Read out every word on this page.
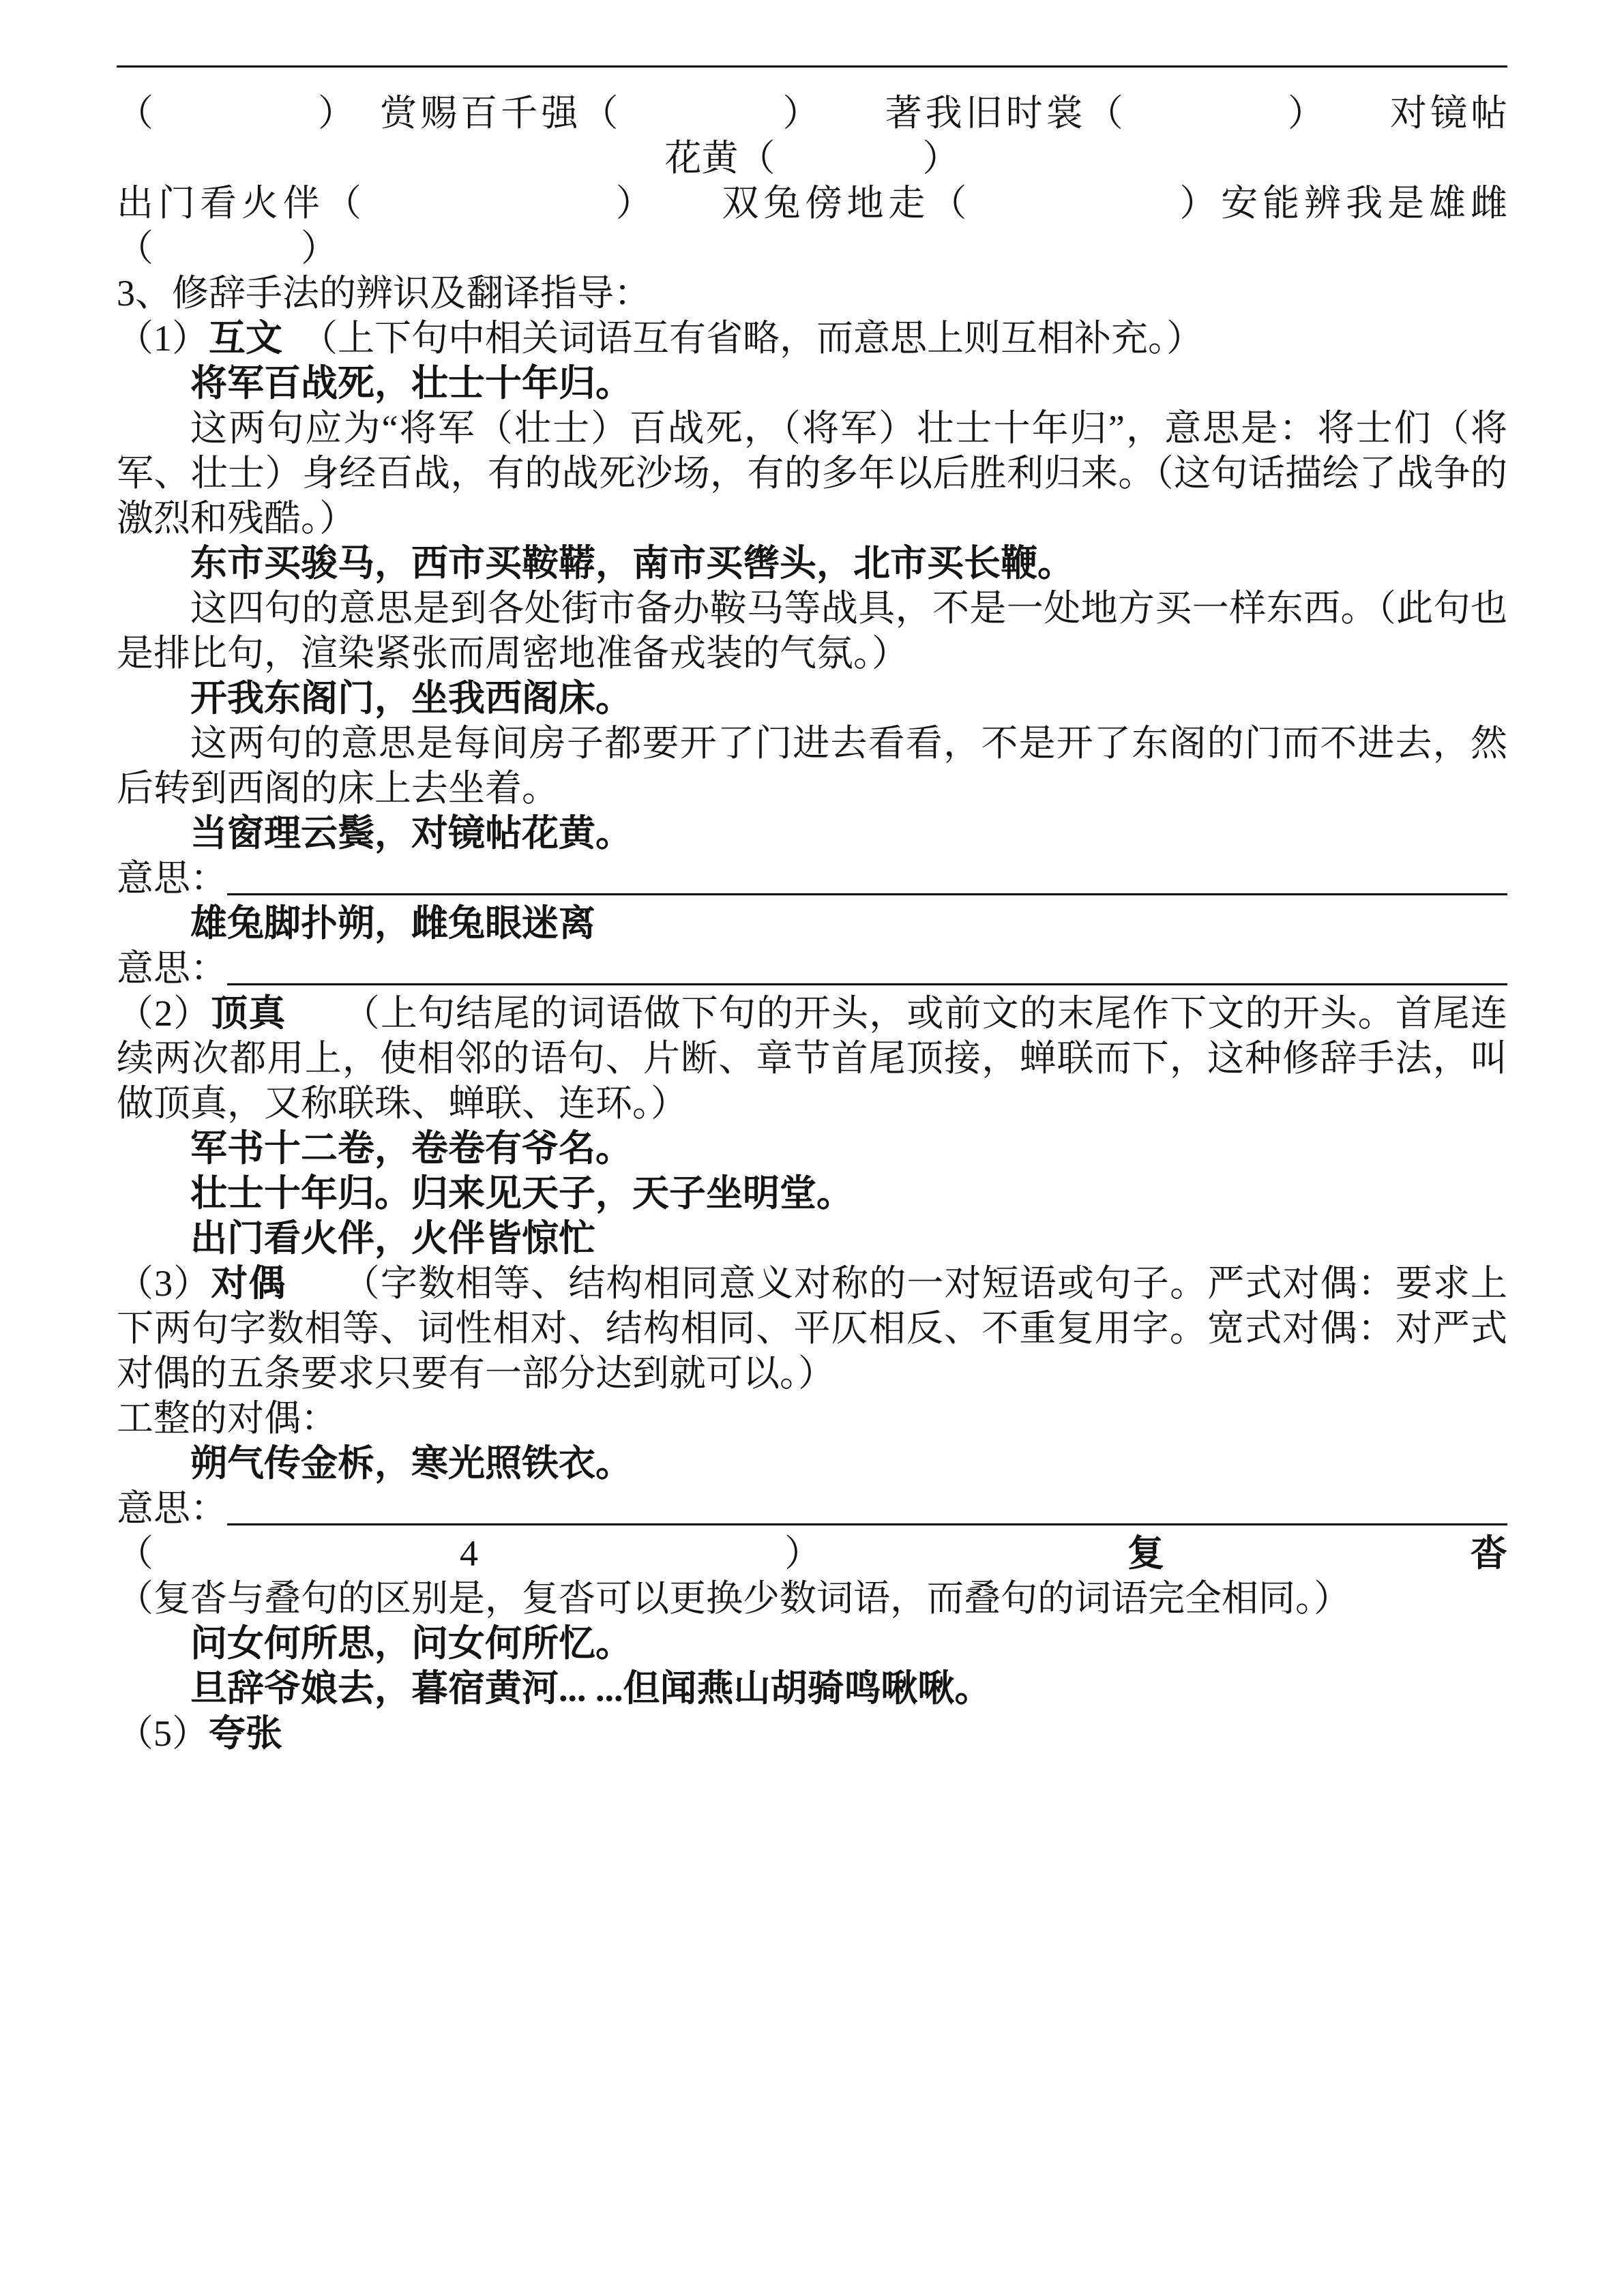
（　　　　）　赏赐百千强（　　　　）　　著我旧时裳（　　　　）　　对镜帖
花黄（　　　　）
出门看火伴（　　　　　　）　　双兔傍地走（　　　　　）安能辨我是雄雌
（　　　　）
3、修辞手法的辨识及翻译指导：
（1）互文　（上下句中相关词语互有省略，而意思上则互相补充。）
将军百战死，壮士十年归。
这两句应为“将军（壮士）百战死，（将军）壮士十年归”，意思是：将士们（将军、壮士）身经百战，有的战死沙场，有的多年以后胜利归来。（这句话描绘了战争的激烈和残酷。）
东市买骏马，西市买鞍鞯，南市买辔头，北市买长鞭。
这四句的意思是到各处街市备办鞍马等战具，不是一处地方买一样东西。（此句也是排比句，渲染紧张而周密地准备戎装的气氛。）
开我东阁门，坐我西阁床。
这两句的意思是每间房子都要开了门进去看看，不是开了东阁的门而不进去，然后转到西阁的床上去坐着。
当窗理云鬓，对镜帖花黄。
意思：
雄兔脚扑朔，雌兔眼迷离
意思：
（2）顶真　　（上句结尾的词语做下句的开头，或前文的末尾作下文的开头。首尾连续两次都用上，使相邻的语句、片断、章节首尾顶接，蝉联而下，这种修辞手法，叫做顶真，又称联珠、蝉联、连环。）
军书十二卷，卷卷有爷名。
壮士十年归。归来见天子，天子坐明堂。
出门看火伴，火伴皆惊忙
（3）对偶　　（字数相等、结构相同意义对称的一对短语或句子。严式对偶：要求上下两句字数相等、词性相对、结构相同、平仄相反、不重复用字。宽式对偶：对严式对偶的五条要求只要有一部分达到就可以。）
工整的对偶：
朔气传金柝，寒光照铁衣。
意思：
（4）复沓（复沓与叠句的区别是，复沓可以更换少数词语，而叠句的词语完全相同。）
问女何所思，问女何所忆。
旦辞爷娘去，暮宿黄河... ...但闻燕山胡骑鸣啾啾。
（5）夸张
